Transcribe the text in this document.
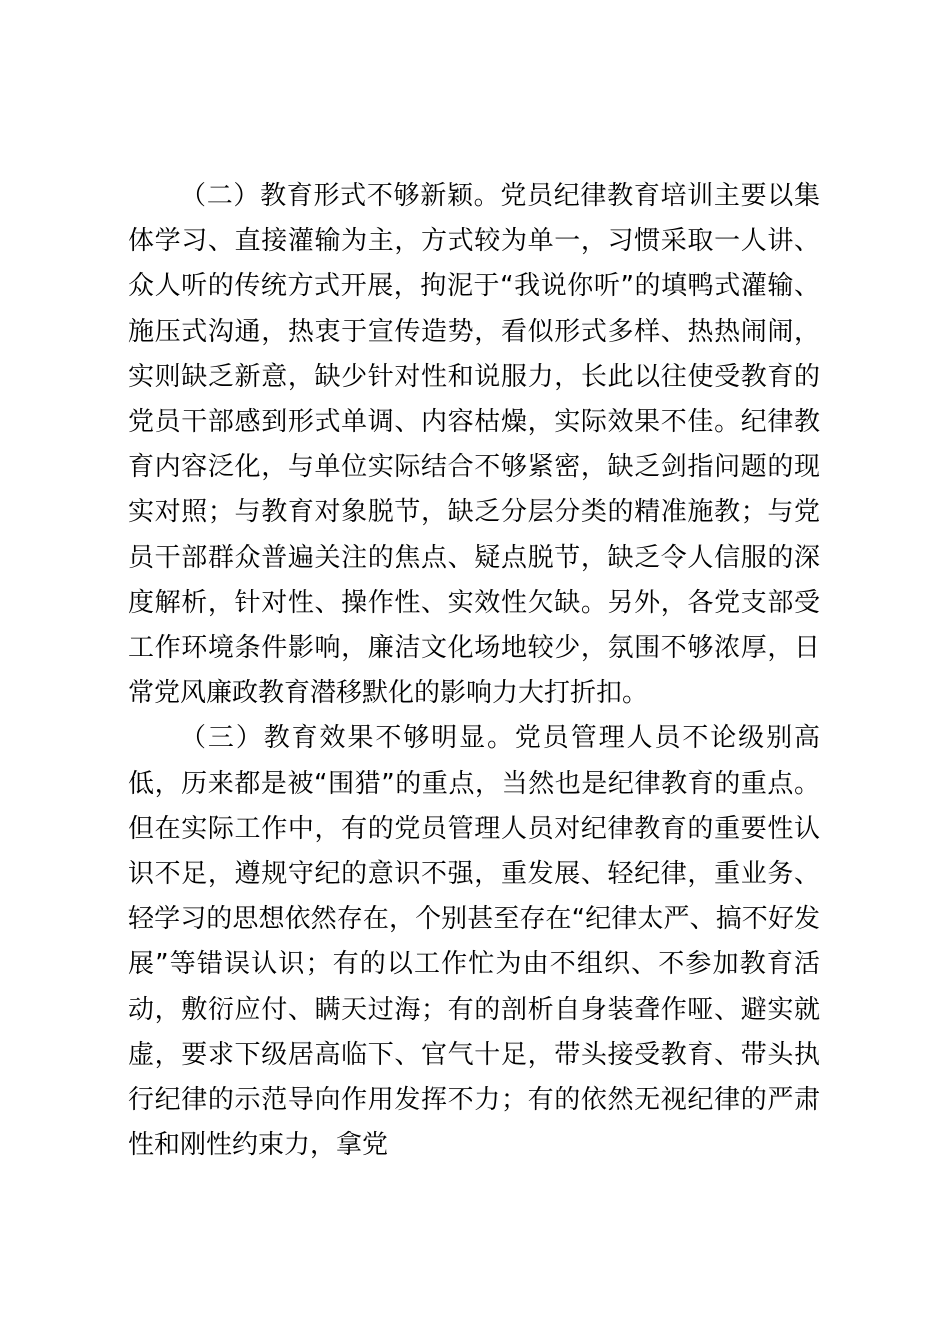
（二）教育形式不够新颖。党员纪律教育培训主要以集体学习、直接灌输为主，方式较为单一，习惯采取一人讲、众人听的传统方式开展，拘泥于“我说你听”的填鸭式灌输、施压式沟通，热衷于宣传造势，看似形式多样、热热闹闹，实则缺乏新意，缺少针对性和说服力，长此以往使受教育的党员干部感到形式单调、内容枯燥，实际效果不佳。纪律教育内容泛化，与单位实际结合不够紧密，缺乏剑指问题的现实对照；与教育对象脱节，缺乏分层分类的精准施教；与党员干部群众普遍关注的焦点、疑点脱节，缺乏令人信服的深度解析，针对性、操作性、实效性欠缺。另外，各党支部受工作环境条件影响，廉洁文化场地较少，氛围不够浓厚，日常党风廉政教育潜移默化的影响力大打折扣。

（三）教育效果不够明显。党员管理人员不论级别高低，历来都是被“围猎”的重点，当然也是纪律教育的重点。但在实际工作中，有的党员管理人员对纪律教育的重要性认识不足，遵规守纪的意识不强，重发展、轻纪律，重业务、轻学习的思想依然存在，个别甚至存在“纪律太严、搞不好发展”等错误认识；有的以工作忙为由不组织、不参加教育活动，敷衍应付、瞒天过海；有的剖析自身装聋作哑、避实就虚，要求下级居高临下、官气十足，带头接受教育、带头执行纪律的示范导向作用发挥不力；有的依然无视纪律的严肃性和刚性约束力，拿党
